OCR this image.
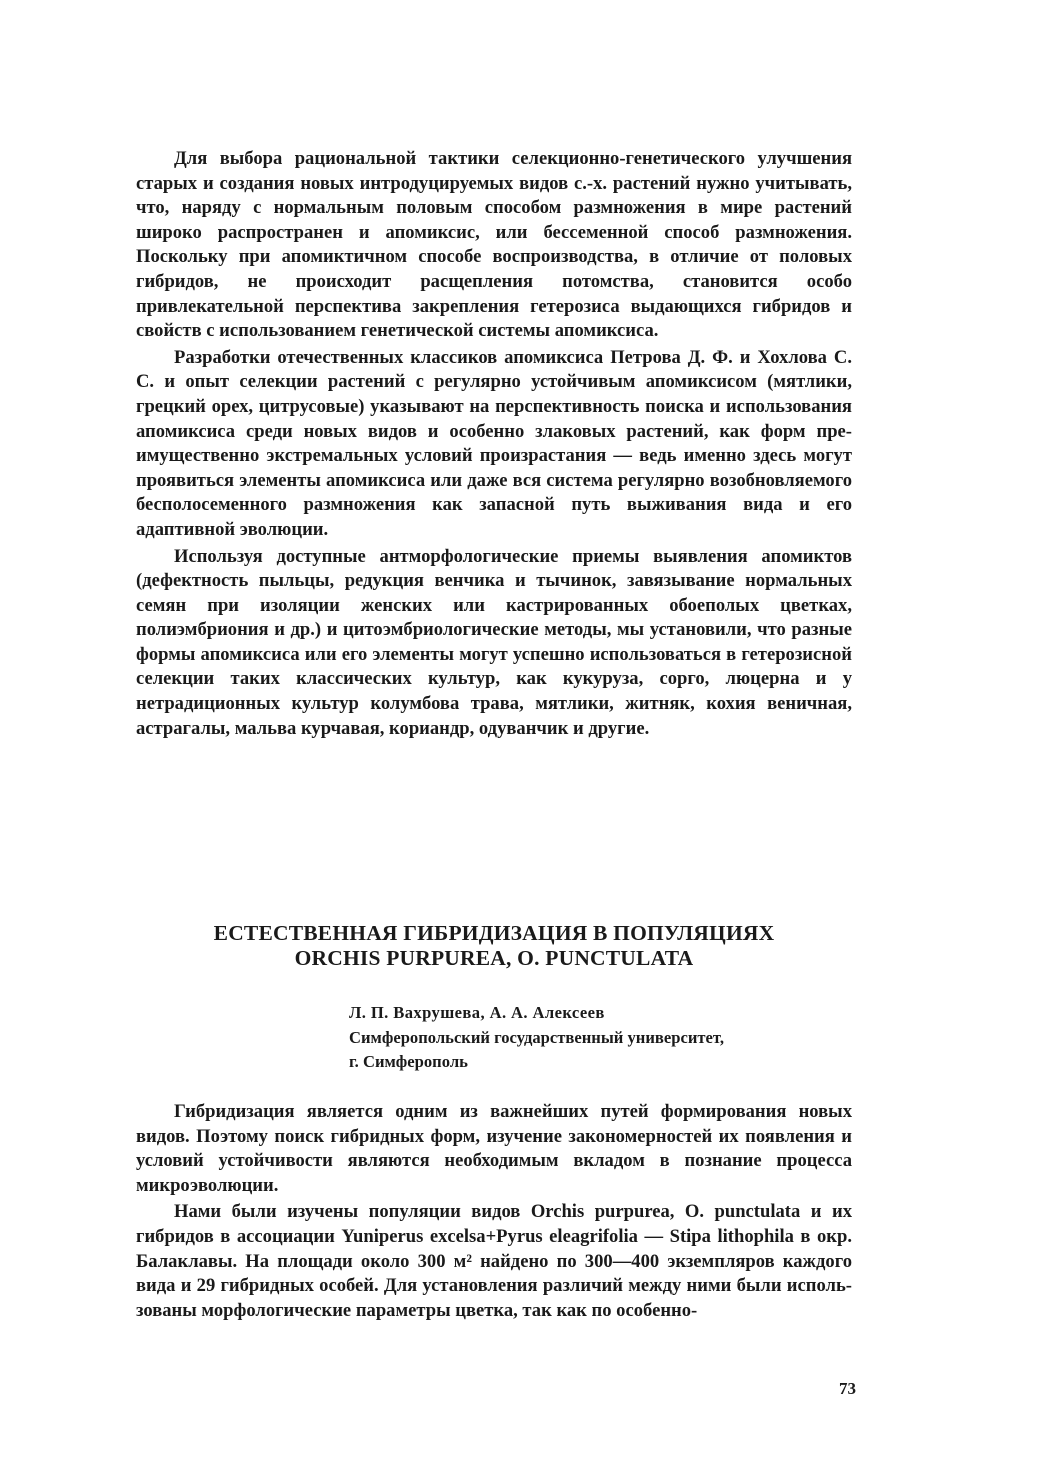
Для выбора рациональной тактики селекционно-генетического улучшения старых и создания новых интродуцируемых видов с.-х. растений нужно учитывать, что, наряду с нормальным половым способом размножения в мире растений широко распространен и апомиксис, или бессеменной способ размножения. Поскольку при апомиктичном способе воспроизводства, в отличие от половых гибридов, не происходит расщепления потомства, становится особо привлекательной перспектива закрепления гетерозиса выдающихся гибридов и свойств с использованием генетической системы апомиксиса.

Разработки отечественных классиков апомиксиса Петрова Д. Ф. и Хохлова С. С. и опыт селекции растений с регулярно устойчивым апомиксисом (мятлики, грецкий орех, цитрусовые) указывают на перспективность поиска и использования апомиксиса среди новых видов и особенно злаковых растений, как форм преимущественно экстремальных условий произрастания — ведь именно здесь могут проявиться элементы апомиксиса или даже вся система регулярно возобновляемого бесполосеменного размножения как запасной путь выживания вида и его адаптивной эволюции.

Используя доступные антморфологические приемы выявления апомиктов (дефектность пыльцы, редукция венчика и тычинок, завязывание нормальных семян при изоляции женских или кастрированных обоеполых цветках, полиэмбриония и др.) и цитоэмбриологические методы, мы установили, что разные формы апомиксиса или его элементы могут успешно использоваться в гетерозисной селекции таких классических культур, как кукуруза, сорго, люцерна и у нетрадиционных культур колумбова трава, мятлики, житняк, кохия веничная, астрагалы, мальва курчавая, кориандр, одуванчик и другие.

ЕСТЕСТВЕННАЯ ГИБРИДИЗАЦИЯ В ПОПУЛЯЦИЯХ
ORCHIS PURPUREA, O. PUNCTULATA
Л. П. Вахрушева, А. А. Алексеев
Симферопольский государственный университет,
г. Симферополь

Гибридизация является одним из важнейших путей формирования новых видов. Поэтому поиск гибридных форм, изучение закономерностей их появления и условий устойчивости являются необходимым вкладом в познание процесса микроэволюции.

Нами были изучены популяции видов Orchis purpurea, O. punctulata и их гибридов в ассоциации Yuniperus excelsa+Pyrus eleagrifolia — Stipa lithophila в окр. Балаклавы. На площади около 300 м² найдено по 300—400 экземпляров каждого вида и 29 гибридных особей. Для установления различий между ними были использованы морфологические параметры цветка, так как по особенно-

73
